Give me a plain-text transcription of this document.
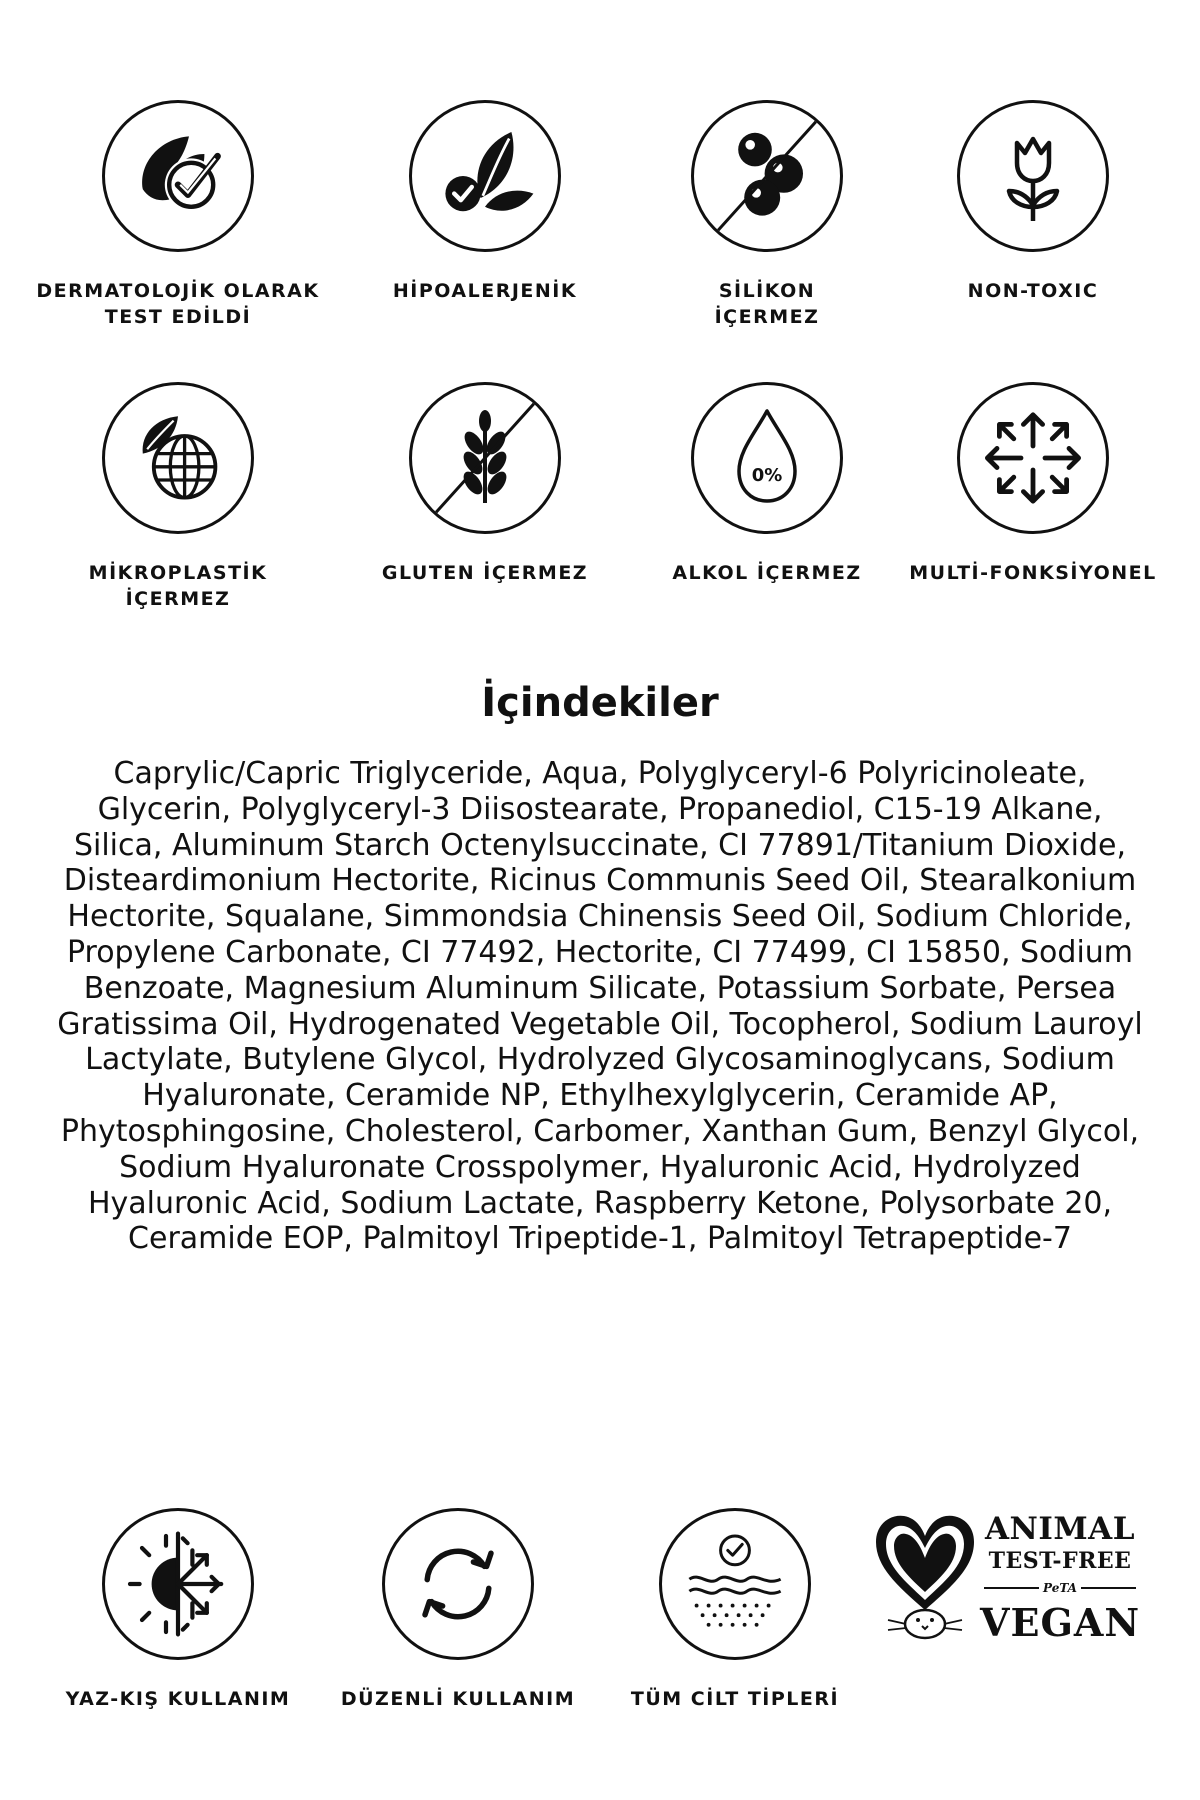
DERMATOLOJİK OLARAK
TEST EDİLDİ
HİPOALERJENİK	SİLİKON
İÇERMEZ
NON-TOXIC
MİKROPLASTİK
İÇERMEZ
GLUTEN İÇERMEZ
0%
ALKOL İÇERMEZ	MULTİ-FONKSİYONEL
İçindekiler
Caprylic/Capric Triglyceride, Aqua, Polyglyceryl-6 Polyricinoleate, Glycerin, Polyglyceryl-3 Diisostearate, Propanediol, C15-19 Alkane, Silica, Aluminum Starch Octenylsuccinate, CI 77891/Titanium Dioxide, Disteardimonium Hectorite, Ricinus Communis Seed Oil, Stearalkonium Hectorite, Squalane, Simmondsia Chinensis Seed Oil, Sodium Chloride, Propylene Carbonate, CI 77492, Hectorite, CI 77499, CI 15850, Sodium Benzoate, Magnesium Aluminum Silicate, Potassium Sorbate, Persea Gratissima Oil, Hydrogenated Vegetable Oil, Tocopherol, Sodium Lauroyl Lactylate, Butylene Glycol, Hydrolyzed Glycosaminoglycans, Sodium Hyaluronate, Ceramide NP, Ethylhexylglycerin, Ceramide AP, Phytosphingosine, Cholesterol, Carbomer, Xanthan Gum, Benzyl Glycol, Sodium Hyaluronate Crosspolymer, Hyaluronic Acid, Hydrolyzed Hyaluronic Acid, Sodium Lactate, Raspberry Ketone, Polysorbate 20, Ceramide EOP, Palmitoyl Tripeptide-1, Palmitoyl Tetrapeptide-7
YAZ-KIŞ KULLANIM	DÜZENLİ KULLANIM	TÜM CİLT TİPLERİ
ANIMAL
TEST-FREE
PeTA
VEGAN
